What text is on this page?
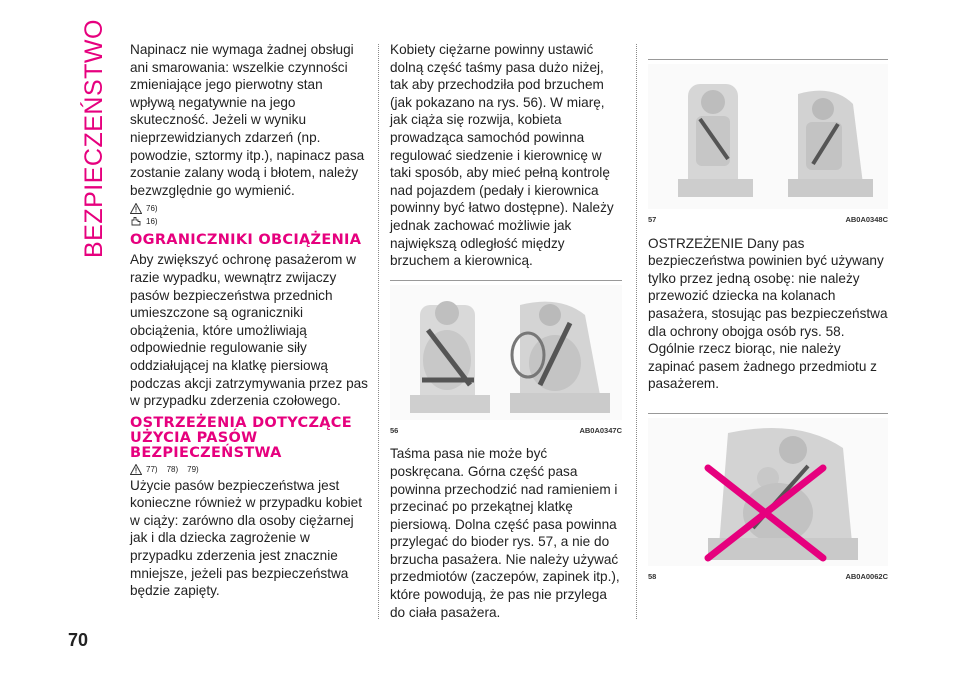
BEZPIECZEŃSTWO
70

Napinacz nie wymaga żadnej obsługi ani smarowania: wszelkie czynności zmieniające jego pierwotny stan wpływą negatywnie na jego skuteczność. Jeżeli w wyniku nieprzewidzianych zdarzeń (np. powodzie, sztormy itp.), napinacz pasa zostanie zalany wodą i błotem, należy bezwzględnie go wymienić.

76)
16)
OGRANICZNIKI OBCIĄŻENIA

Aby zwiększyć ochronę pasażerom w razie wypadku, wewnątrz zwijaczy pasów bezpieczeństwa przednich umieszczone są ograniczniki obciążenia, które umożliwiają odpowiednie regulowanie siły oddziałującej na klatkę piersiową podczas akcji zatrzymywania przez pas w przypadku zderzenia czołowego.

OSTRZEŻENIA DOTYCZĄCE UŻYCIA PASÓW BEZPIECZEŃSTWA
77) 78) 79)

Użycie pasów bezpieczeństwa jest konieczne również w przypadku kobiet w ciąży: zarówno dla osoby ciężarnej jak i dla dziecka zagrożenie w przypadku zderzenia jest znacznie mniejsze, jeżeli pas bezpieczeństwa będzie zapięty.

Kobiety ciężarne powinny ustawić dolną część taśmy pasa dużo niżej, tak aby przechodziła pod brzuchem (jak pokazano na rys. 56). W miarę, jak ciąża się rozwija, kobieta prowadząca samochód powinna regulować siedzenie i kierownicę w taki sposób, aby mieć pełną kontrolę nad pojazdem (pedały i kierownica powinny być łatwo dostępne). Należy jednak zachować możliwie jak największą odległość między brzuchem a kierownicą.

56	AB0A0347C

Taśma pasa nie może być poskręcana. Górna część pasa powinna przechodzić nad ramieniem i przecinać po przekątnej klatkę piersiową. Dolna część pasa powinna przylegać do bioder rys. 57, a nie do brzucha pasażera. Nie należy używać przedmiotów (zaczepów, zapinek itp.), które powodują, że pas nie przylega do ciała pasażera.

57	AB0A0348C

OSTRZEŻENIE Dany pas bezpieczeństwa powinien być używany tylko przez jedną osobę: nie należy przewozić dziecka na kolanach pasażera, stosując pas bezpieczeństwa dla ochrony obojga osób rys. 58. Ogólnie rzecz biorąc, nie należy zapinać pasem żadnego przedmiotu z pasażerem.

58	AB0A0062C
